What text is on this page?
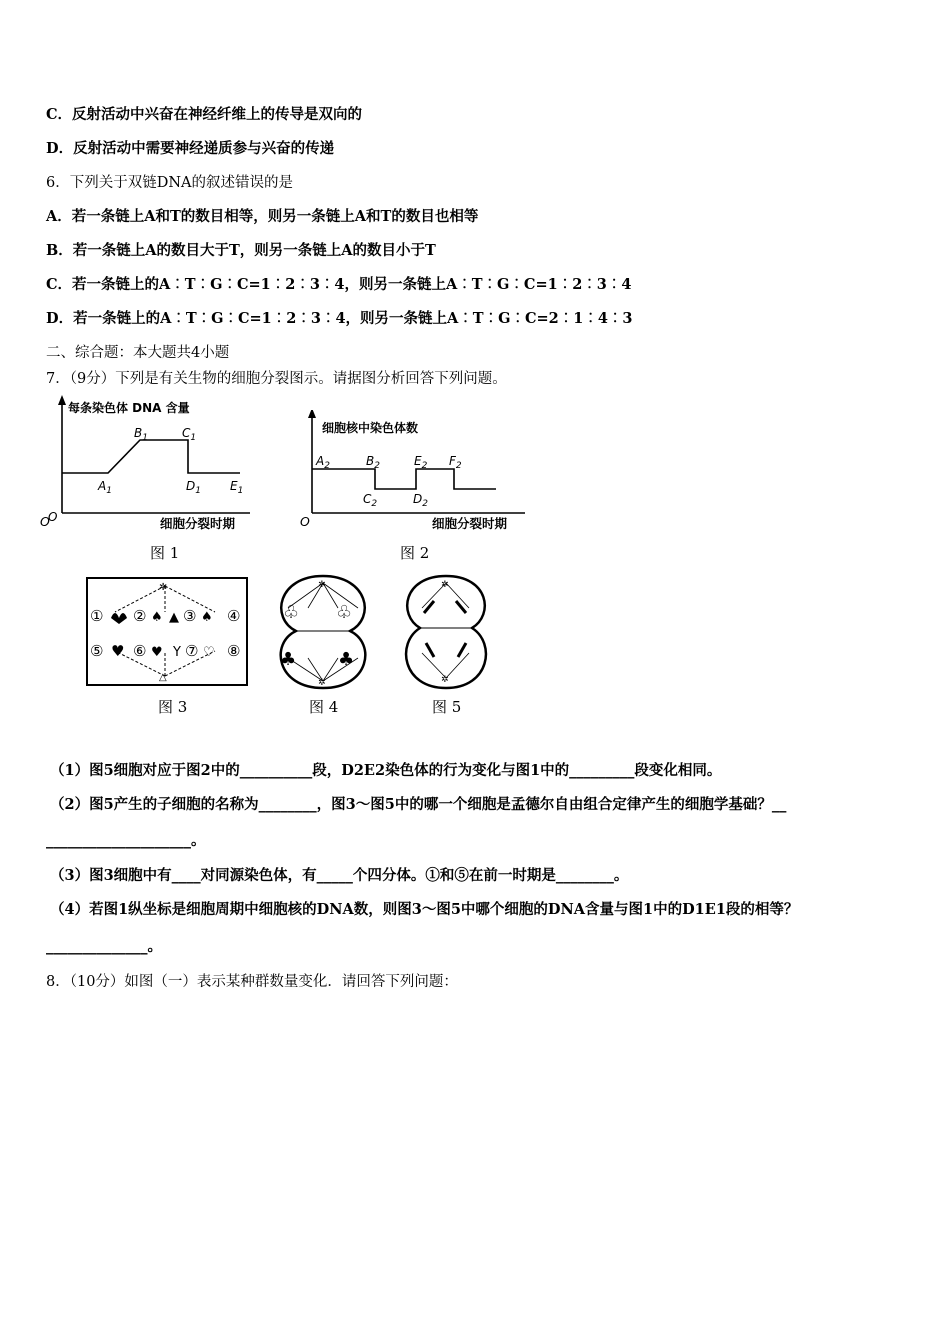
C．反射活动中兴奋在神经纤维上的传导是双向的
D．反射活动中需要神经递质参与兴奋的传递
6．下列关于双链DNA的叙述错误的是
A．若一条链上A和T的数目相等，则另一条链上A和T的数目也相等
B．若一条链上A的数目大于T，则另一条链上A的数目小于T
C．若一条链上的A︰T︰G︰C=1︰2︰3︰4，则另一条链上A︰T︰G︰C=1︰2︰3︰4
D．若一条链上的A︰T︰G︰C=1︰2︰3︰4，则另一条链上A︰T︰G︰C=2︰1︰4︰3
二、综合题：本大题共4小题
7．（9分）下列是有关生物的细胞分裂图示。请据图分析回答下列问题。
每条染色体 DNA 含量
O
$A_1$
$B_1$	$C_1$
$D_1$ $E_1$
细胞分裂时期
图 1
细胞核中染色体数
$A_2$	$B_2$
$C_2$	$D_2$
$E_2$ $F_2$
O
O	细胞分裂时期
图 2
✲
△
① ② ♠ ▲ ③ ♠ ④
⑤ ♥ ⑥ ♥ Y ⑦ ♡ ⑧
图 3
♧ ♧
♣ ♣
✲
✲
图 4
✲
✲
图 5
（1）图5细胞对应于图2中的__________段，D2E2染色体的行为变化与图1中的_________段变化相同。
（2）图5产生的子细胞的名称为________，图3～图5中的哪一个细胞是孟德尔自由组合定律产生的细胞学基础？__
____________________。
（3）图3细胞中有____对同源染色体，有_____个四分体。①和⑤在前一时期是________。
（4）若图1纵坐标是细胞周期中细胞核的DNA数，则图3～图5中哪个细胞的DNA含量与图1中的D1E1段的相等？
______________。
8．（10分）如图（一）表示某种群数量变化．请回答下列问题：
